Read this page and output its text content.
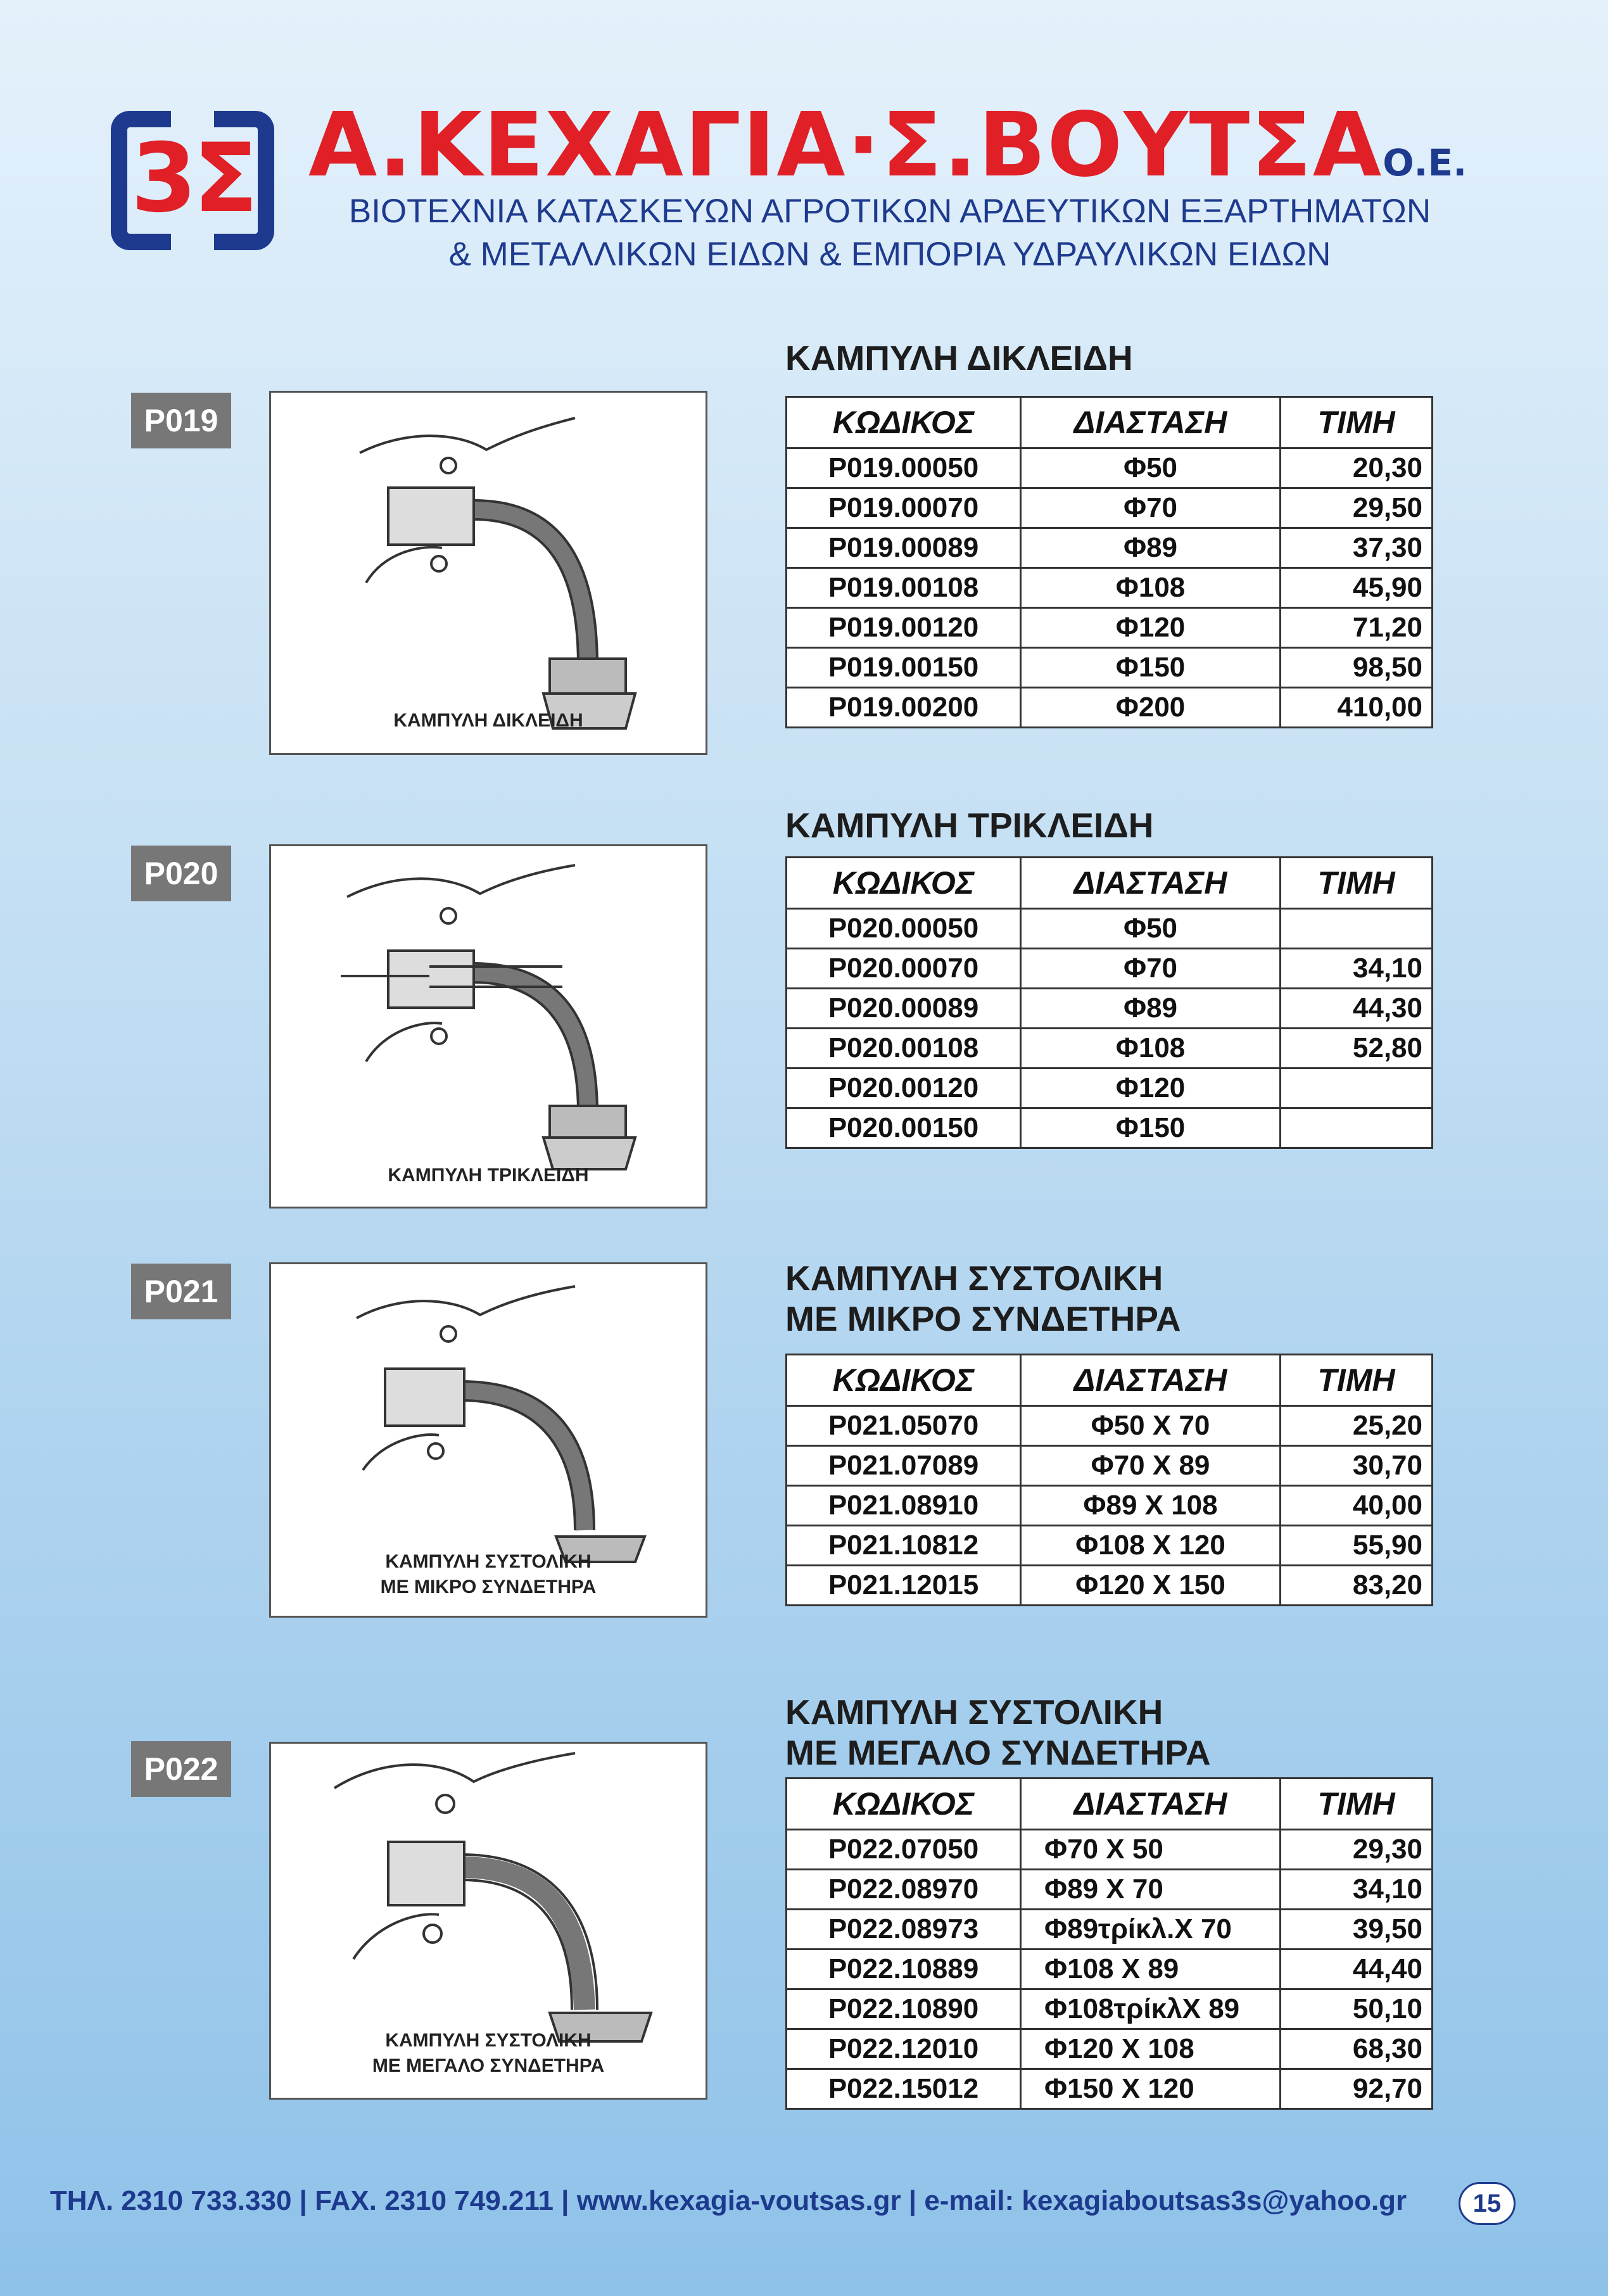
3Σ Α.ΚΕΧΑΓΙΑ·Σ.ΒΟΥΤΣΑΟ.Ε.
ΒΙΟΤΕΧΝΙΑ ΚΑΤΑΣΚΕΥΩΝ ΑΓΡΟΤΙΚΩΝ ΑΡΔΕΥΤΙΚΩΝ ΕΞΑΡΤΗΜΑΤΩΝ
& ΜΕΤΑΛΛΙΚΩΝ ΕΙΔΩΝ & ΕΜΠΟΡΙΑ ΥΔΡΑΥΛΙΚΩΝ ΕΙΔΩΝ
P019
ΚΑΜΠΥΛΗ ΔΙΚΛΕΙΔΗ
ΚΑΜΠΥΛΗ ΔΙΚΛΕΙΔΗ
ΚΩΔΙΚΟΣ	ΔΙΑΣΤΑΣΗ	ΤΙΜΗ
P019.00050	Φ50	20,30
P019.00070	Φ70	29,50
P019.00089	Φ89	37,30
P019.00108	Φ108	45,90
P019.00120	Φ120	71,20
P019.00150	Φ150	98,50
P019.00200	Φ200	410,00
P020
ΚΑΜΠΥΛΗ ΤΡΙΚΛΕΙΔΗ
ΚΑΜΠΥΛΗ ΤΡΙΚΛΕΙΔΗ
ΚΩΔΙΚΟΣ	ΔΙΑΣΤΑΣΗ	ΤΙΜΗ
P020.00050	Φ50	
P020.00070	Φ70	34,10
P020.00089	Φ89	44,30
P020.00108	Φ108	52,80
P020.00120	Φ120	
P020.00150	Φ150	
P021
ΚΑΜΠΥΛΗ ΣΥΣΤΟΛΙΚΗ
ΜΕ ΜΙΚΡΟ ΣΥΝΔΕΤΗΡΑ
ΚΑΜΠΥΛΗ ΣΥΣΤΟΛΙΚΗ
ΜΕ ΜΙΚΡΟ ΣΥΝΔΕΤΗΡΑ
ΚΩΔΙΚΟΣ	ΔΙΑΣΤΑΣΗ	ΤΙΜΗ
P021.05070	Φ50 Χ 70	25,20
P021.07089	Φ70 Χ 89	30,70
P021.08910	Φ89 Χ 108	40,00
P021.10812	Φ108 Χ 120	55,90
P021.12015	Φ120 Χ 150	83,20
P022
ΚΑΜΠΥΛΗ ΣΥΣΤΟΛΙΚΗ
ΜΕ ΜΕΓΑΛΟ ΣΥΝΔΕΤΗΡΑ
ΚΑΜΠΥΛΗ ΣΥΣΤΟΛΙΚΗ
ΜΕ ΜΕΓΑΛΟ ΣΥΝΔΕΤΗΡΑ
ΚΩΔΙΚΟΣ	ΔΙΑΣΤΑΣΗ	ΤΙΜΗ
P022.07050	Φ70 Χ 50	29,30
P022.08970	Φ89 Χ 70	34,10
P022.08973	Φ89τρίκλ.Χ 70	39,50
P022.10889	Φ108 Χ 89	44,40
P022.10890	Φ108τρίκλΧ 89	50,10
P022.12010	Φ120 Χ 108	68,30
P022.15012	Φ150 Χ 120	92,70
ΤΗΛ. 2310 733.330 | FAX. 2310 749.211 | www.kexagia-voutsas.gr | e-mail: kexagiaboutsas3s@yahoo.gr	15
